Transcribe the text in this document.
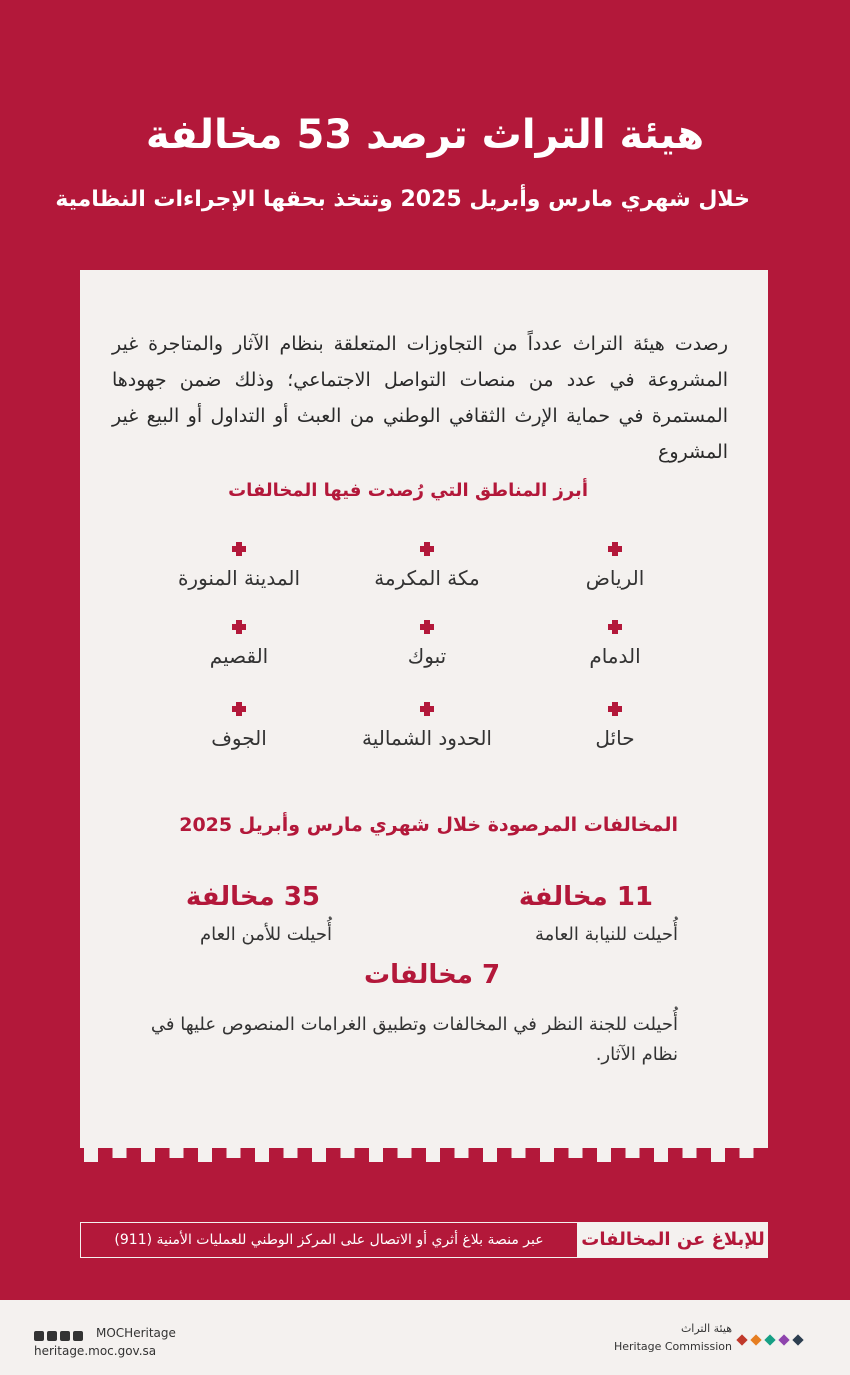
هيئة التراث ترصد 53 مخالفة
خلال شهري مارس وأبريل 2025 وتتخذ بحقها الإجراءات النظامية
رصدت هيئة التراث عدداً من التجاوزات المتعلقة بنظام الآثار والمتاجرة غير المشروعة في عدد من منصات التواصل الاجتماعي؛ وذلك ضمن جهودها المستمرة في حماية الإرث الثقافي الوطني من العبث أو التداول أو البيع غير المشروع
أبرز المناطق التي رُصدت فيها المخالفات
الرياض
مكة المكرمة
المدينة المنورة
الدمام
تبوك
القصيم
حائل
الحدود الشمالية
الجوف
المخالفات المرصودة خلال شهري مارس وأبريل 2025
11 مخالفة
أُحيلت للنيابة العامة
35 مخالفة
أُحيلت للأمن العام
7 مخالفات
أُحيلت للجنة النظر في المخالفات وتطبيق الغرامات المنصوص عليها في نظام الآثار.
للإبلاغ عن المخالفات
عبر منصة بلاغ أثري أو الاتصال على المركز الوطني للعمليات الأمنية (911)
MOCHeritage
heritage.moc.gov.sa
هيئة التراث
Heritage Commission
